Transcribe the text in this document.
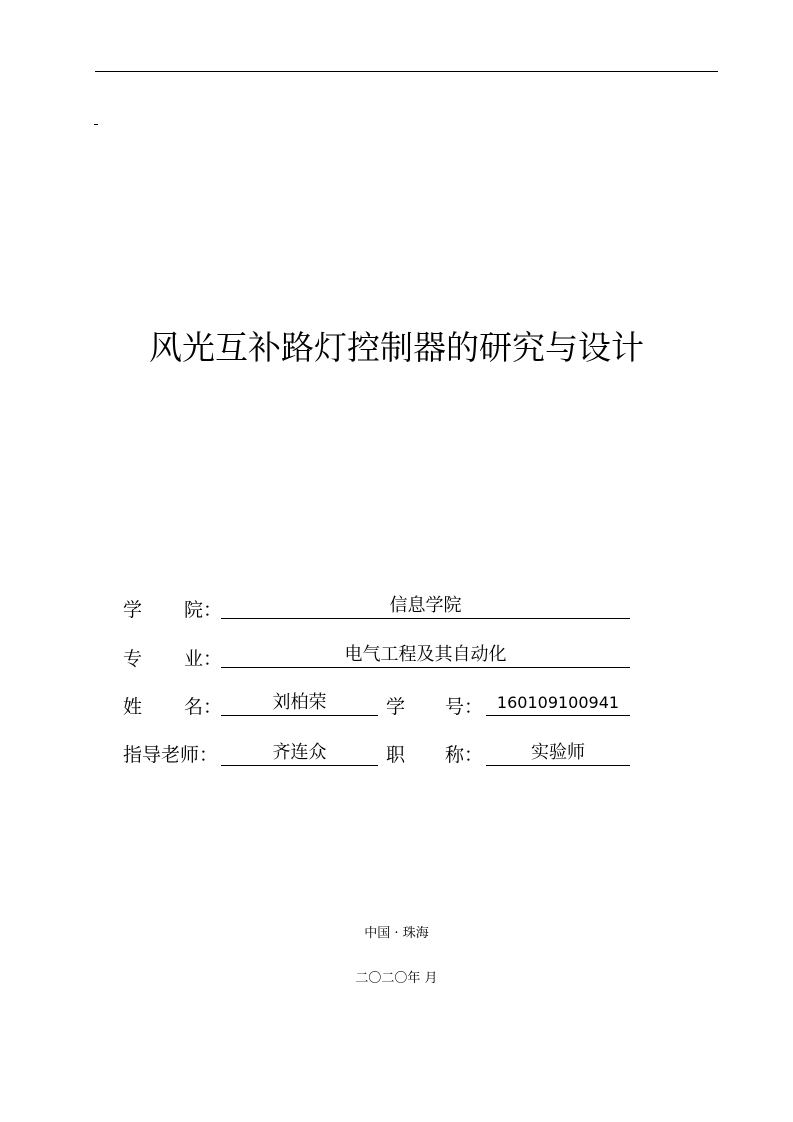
风光互补路灯控制器的研究与设计
学 院：	信息学院
专 业：	电气工程及其自动化
姓 名：	刘柏荣	学 号： 160109100941
指导老师：	齐连众	职 称：	实验师
中国 · 珠海
二〇二〇年 月
